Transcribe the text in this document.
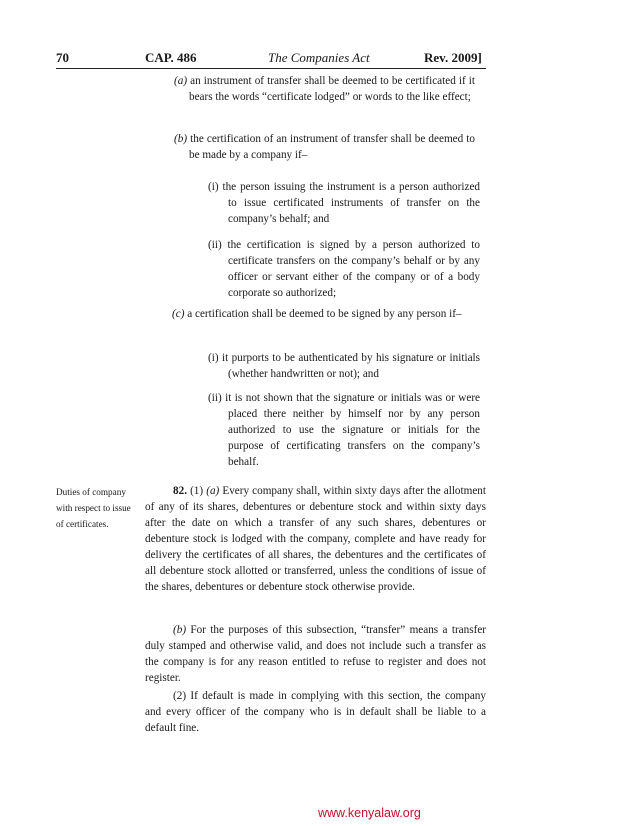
70	CAP. 486	The Companies Act	Rev. 2009]

(a) an instrument of transfer shall be deemed to be certificated if it bears the words “certificate lodged” or words to the like effect;

(b) the certification of an instrument of transfer shall be deemed to be made by a company if–

(i) the person issuing the instrument is a person authorized to issue certificated instruments of transfer on the company’s behalf; and

(ii) the certification is signed by a person authorized to certificate transfers on the company’s behalf or by any officer or servant either of the company or of a body corporate so authorized;

(c) a certification shall be deemed to be signed by any person if–

(i) it purports to be authenticated by his signature or initials (whether handwritten or not); and

(ii) it is not shown that the signature or initials was or were placed there neither by himself nor by any person authorized to use the signature or initials for the purpose of certificating transfers on the company’s behalf.

Duties of company with respect to issue of certificates.

82. (1) (a) Every company shall, within sixty days after the allotment of any of its shares, debentures or debenture stock and within sixty days after the date on which a transfer of any such shares, debentures or debenture stock is lodged with the company, complete and have ready for delivery the certificates of all shares, the debentures and the certificates of all debenture stock allotted or transferred, unless the conditions of issue of the shares, debentures or debenture stock otherwise provide.

(b) For the purposes of this subsection, “transfer” means a transfer duly stamped and otherwise valid, and does not include such a transfer as the company is for any reason entitled to refuse to register and does not register.

(2) If default is made in complying with this section, the company and every officer of the company who is in default shall be liable to a default fine.

www.kenyalaw.org
